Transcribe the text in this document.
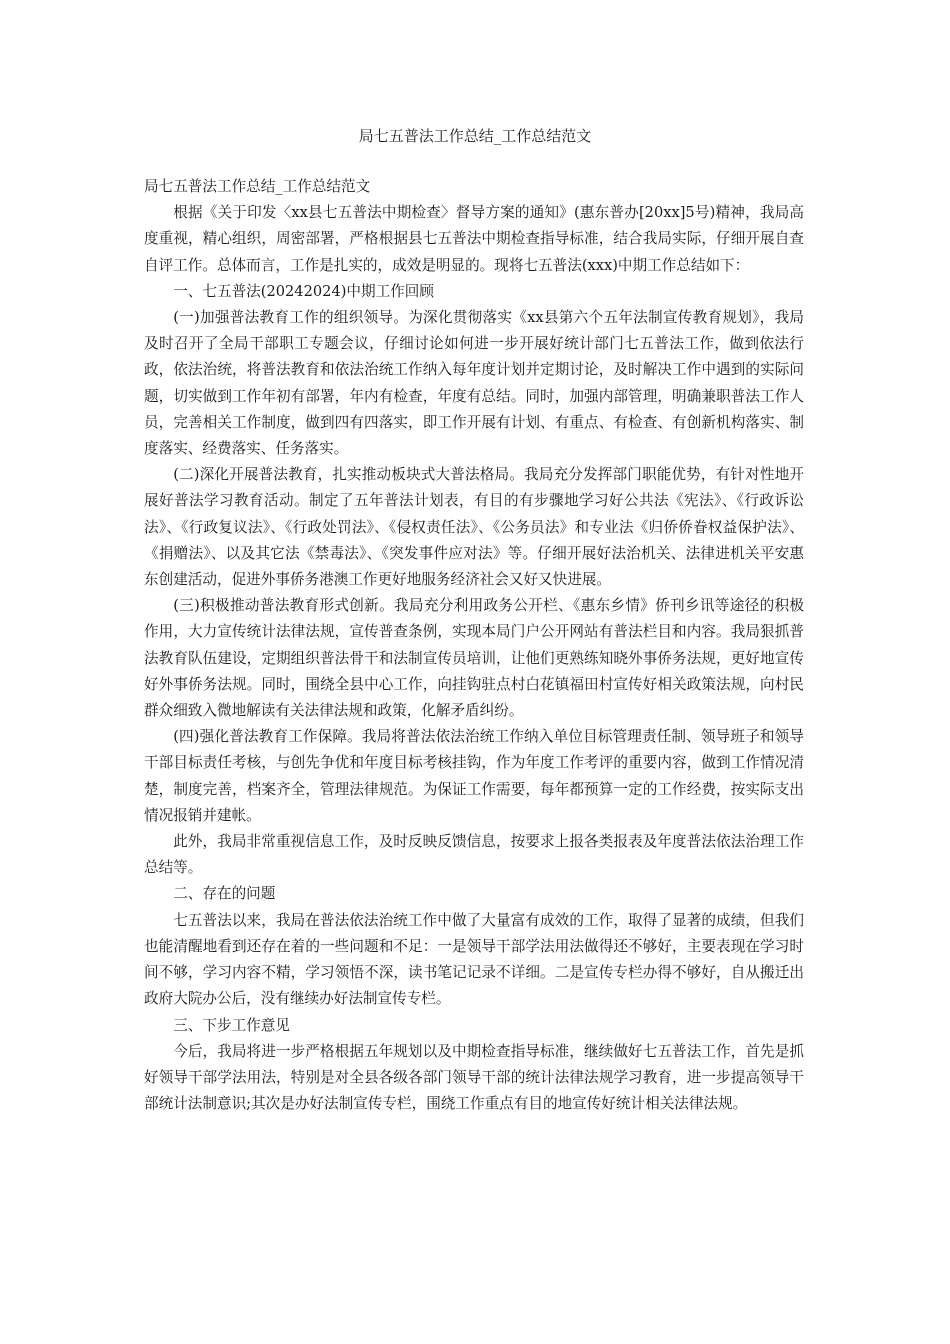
局七五普法工作总结_工作总结范文

局七五普法工作总结_工作总结范文

根据《关于印发〈xx县七五普法中期检查〉督导方案的通知》(惠东普办[20xx]5号)精神，我局高度重视，精心组织，周密部署，严格根据县七五普法中期检查指导标准，结合我局实际，仔细开展自查自评工作。总体而言，工作是扎实的，成效是明显的。现将七五普法(xxx)中期工作总结如下：

一、七五普法(20242024)中期工作回顾

(一)加强普法教育工作的组织领导。为深化贯彻落实《xx县第六个五年法制宣传教育规划》，我局及时召开了全局干部职工专题会议，仔细讨论如何进一步开展好统计部门七五普法工作，做到依法行政，依法治统，将普法教育和依法治统工作纳入每年度计划并定期讨论，及时解决工作中遇到的实际问题，切实做到工作年初有部署，年内有检查，年度有总结。同时，加强内部管理，明确兼职普法工作人员，完善相关工作制度，做到四有四落实，即工作开展有计划、有重点、有检查、有创新机构落实、制度落实、经费落实、任务落实。

(二)深化开展普法教育，扎实推动板块式大普法格局。我局充分发挥部门职能优势，有针对性地开展好普法学习教育活动。制定了五年普法计划表，有目的有步骤地学习好公共法《宪法》、《行政诉讼法》、《行政复议法》、《行政处罚法》、《侵权责任法》、《公务员法》和专业法《归侨侨眷权益保护法》、《捐赠法》、以及其它法《禁毒法》、《突发事件应对法》等。仔细开展好法治机关、法律进机关平安惠东创建活动，促进外事侨务港澳工作更好地服务经济社会又好又快进展。

(三)积极推动普法教育形式创新。我局充分利用政务公开栏、《惠东乡情》侨刊乡讯等途径的积极作用，大力宣传统计法律法规，宣传普查条例，实现本局门户公开网站有普法栏目和内容。我局狠抓普法教育队伍建设，定期组织普法骨干和法制宣传员培训，让他们更熟练知晓外事侨务法规，更好地宣传好外事侨务法规。同时，围绕全县中心工作，向挂钩驻点村白花镇福田村宣传好相关政策法规，向村民群众细致入微地解读有关法律法规和政策，化解矛盾纠纷。

(四)强化普法教育工作保障。我局将普法依法治统工作纳入单位目标管理责任制、领导班子和领导干部目标责任考核，与创先争优和年度目标考核挂钩，作为年度工作考评的重要内容，做到工作情况清楚，制度完善，档案齐全，管理法律规范。为保证工作需要，每年都预算一定的工作经费，按实际支出情况报销并建帐。

此外，我局非常重视信息工作，及时反映反馈信息，按要求上报各类报表及年度普法依法治理工作总结等。

二、存在的问题

七五普法以来，我局在普法依法治统工作中做了大量富有成效的工作，取得了显著的成绩，但我们也能清醒地看到还存在着的一些问题和不足：一是领导干部学法用法做得还不够好，主要表现在学习时间不够，学习内容不精，学习领悟不深，读书笔记记录不详细。二是宣传专栏办得不够好，自从搬迁出政府大院办公后，没有继续办好法制宣传专栏。

三、下步工作意见

今后，我局将进一步严格根据五年规划以及中期检查指导标准，继续做好七五普法工作，首先是抓好领导干部学法用法，特别是对全县各级各部门领导干部的统计法律法规学习教育，进一步提高领导干部统计法制意识;其次是办好法制宣传专栏，围绕工作重点有目的地宣传好统计相关法律法规。
